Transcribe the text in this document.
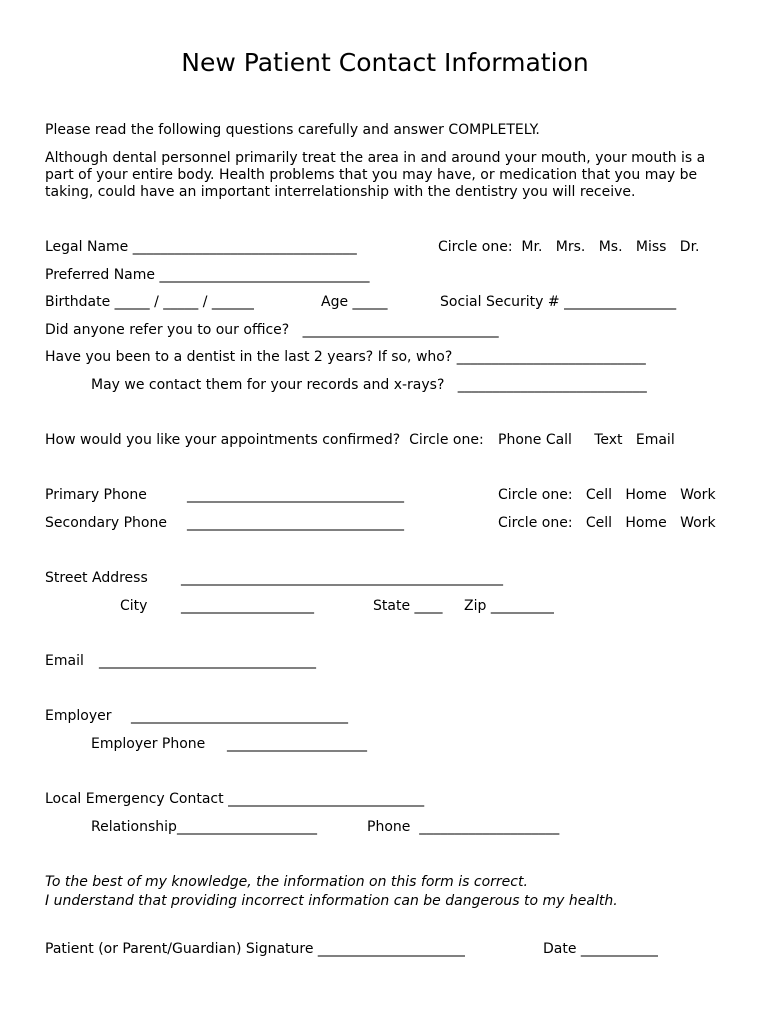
New Patient Contact Information
Please read the following questions carefully and answer COMPLETELY.
Although dental personnel primarily treat the area in and around your mouth, your mouth is a part of your entire body. Health problems that you may have, or medication that you may be taking, could have an important interrelationship with the dentistry you will receive.
Legal Name ________________________________	Circle one:  Mr.   Mrs.   Ms.   Miss   Dr.
Preferred Name ______________________________
Birthdate _____ / _____ / ______	Age _____	Social Security # ________________
Did anyone refer you to our office?   ____________________________
Have you been to a dentist in the last 2 years? If so, who? ___________________________
May we contact them for your records and x-rays?   ___________________________
How would you like your appointments confirmed?  Circle one: Phone Call     Text   Email
Primary Phone	_______________________________	Circle one:   Cell   Home   Work
Secondary Phone _______________________________	Circle one:   Cell   Home   Work
Street Address ______________________________________________
City ___________________	State ____ Zip _________
Email _______________________________
Employer _______________________________
Employer Phone ____________________
Local Emergency Contact ____________________________
Relationship____________________	Phone  ____________________
To the best of my knowledge, the information on this form is correct.
I understand that providing incorrect information can be dangerous to my health.
Patient (or Parent/Guardian) Signature _____________________	Date ___________
